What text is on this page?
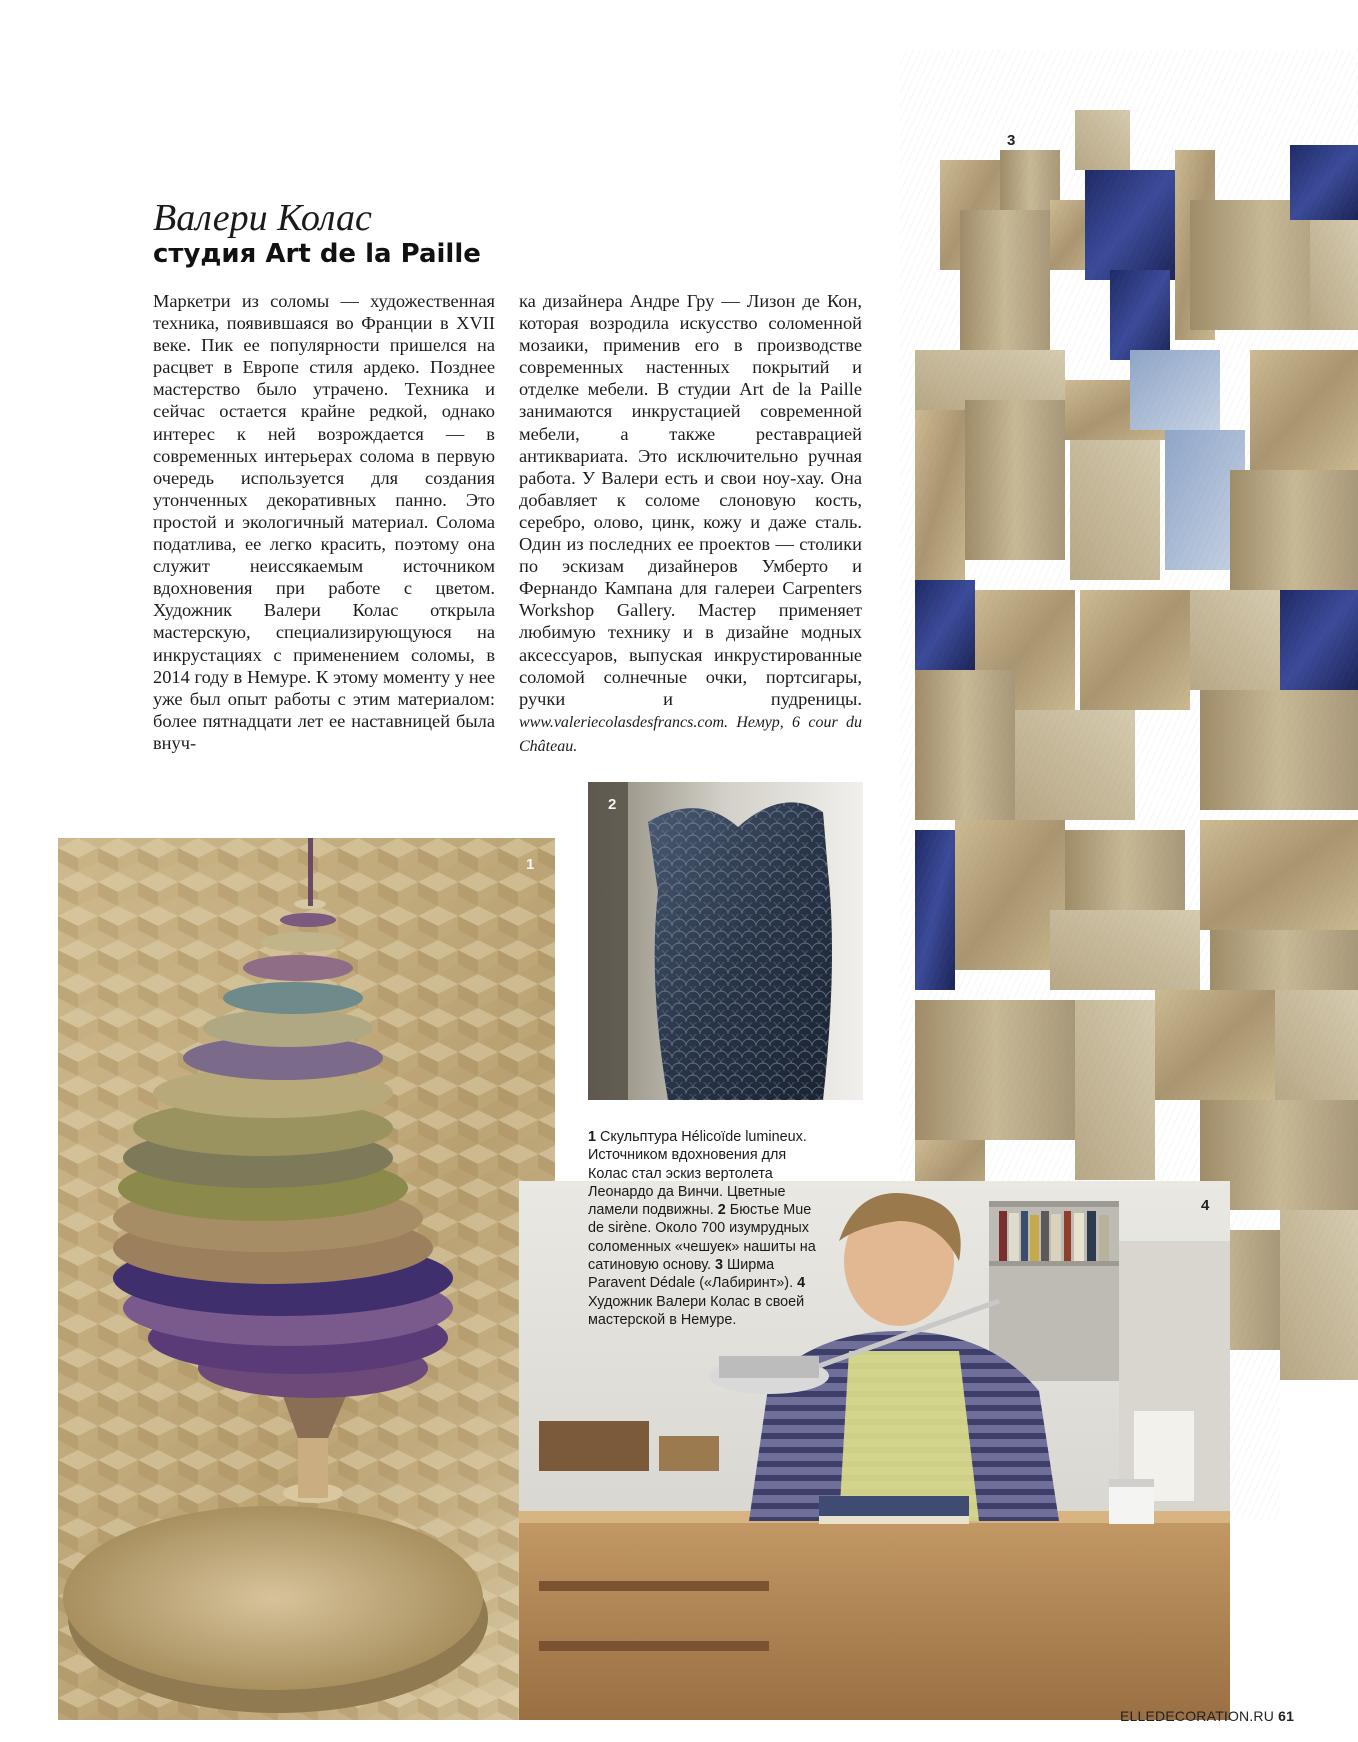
Валери Колас
студия Art de la Paille

Маркетри из соломы — художественная техника, появившаяся во Франции в XVII веке. Пик ее популярности пришелся на расцвет в Европе стиля ардеко. Позднее мастерство было утрачено. Техника и сейчас остается крайне редкой, однако интерес к ней возрождается — в современных интерьерах солома в первую очередь используется для создания утонченных декоративных панно. Это простой и экологичный материал. Солома податлива, ее легко красить, поэтому она служит неиссякаемым источником вдохновения при работе с цветом. Художник Валери Колас открыла мастерскую, специализирующуюся на инкрустациях с применением соломы, в 2014 году в Немуре. К этому моменту у нее уже был опыт работы с этим материалом: более пятнадцати лет ее наставницей была внуч-

ка дизайнера Андре Гру — Лизон де Кон, которая возродила искусство соломенной мозаики, применив его в производстве современных настенных покрытий и отделке мебели. В студии Art de la Paille занимаются инкрустацией современной мебели, а также реставрацией антиквариата. Это исключительно ручная работа. У Валери есть и свои ноу-хау. Она добавляет к соломе слоновую кость, серебро, олово, цинк, кожу и даже сталь. Один из последних ее проектов — столики по эскизам дизайнеров Умберто и Фернандо Кампана для галереи Carpenters Workshop Gallery. Мастер применяет любимую технику и в дизайне модных аксессуаров, выпуская инкрустированные соломой солнечные очки, портсигары, ручки и пудреницы. www.valeriecolasdesfrancs.com. Немур, 6 cour du Château.

3
1
2
4
1 Скульптура Hélicoïde lumineux. Источником вдохновения для Колас стал эскиз вертолета Леонардо да Винчи. Цветные ламели подвижны. 2 Бюстье Mue de sirène. Около 700 изумрудных соломенных «чешуек» нашиты на сатиновую основу. 3 Ширма Paravent Dédale («Лабиринт»). 4 Художник Валери Колас в своей мастерской в Немуре.
ELLEDECORATION.RU 61
